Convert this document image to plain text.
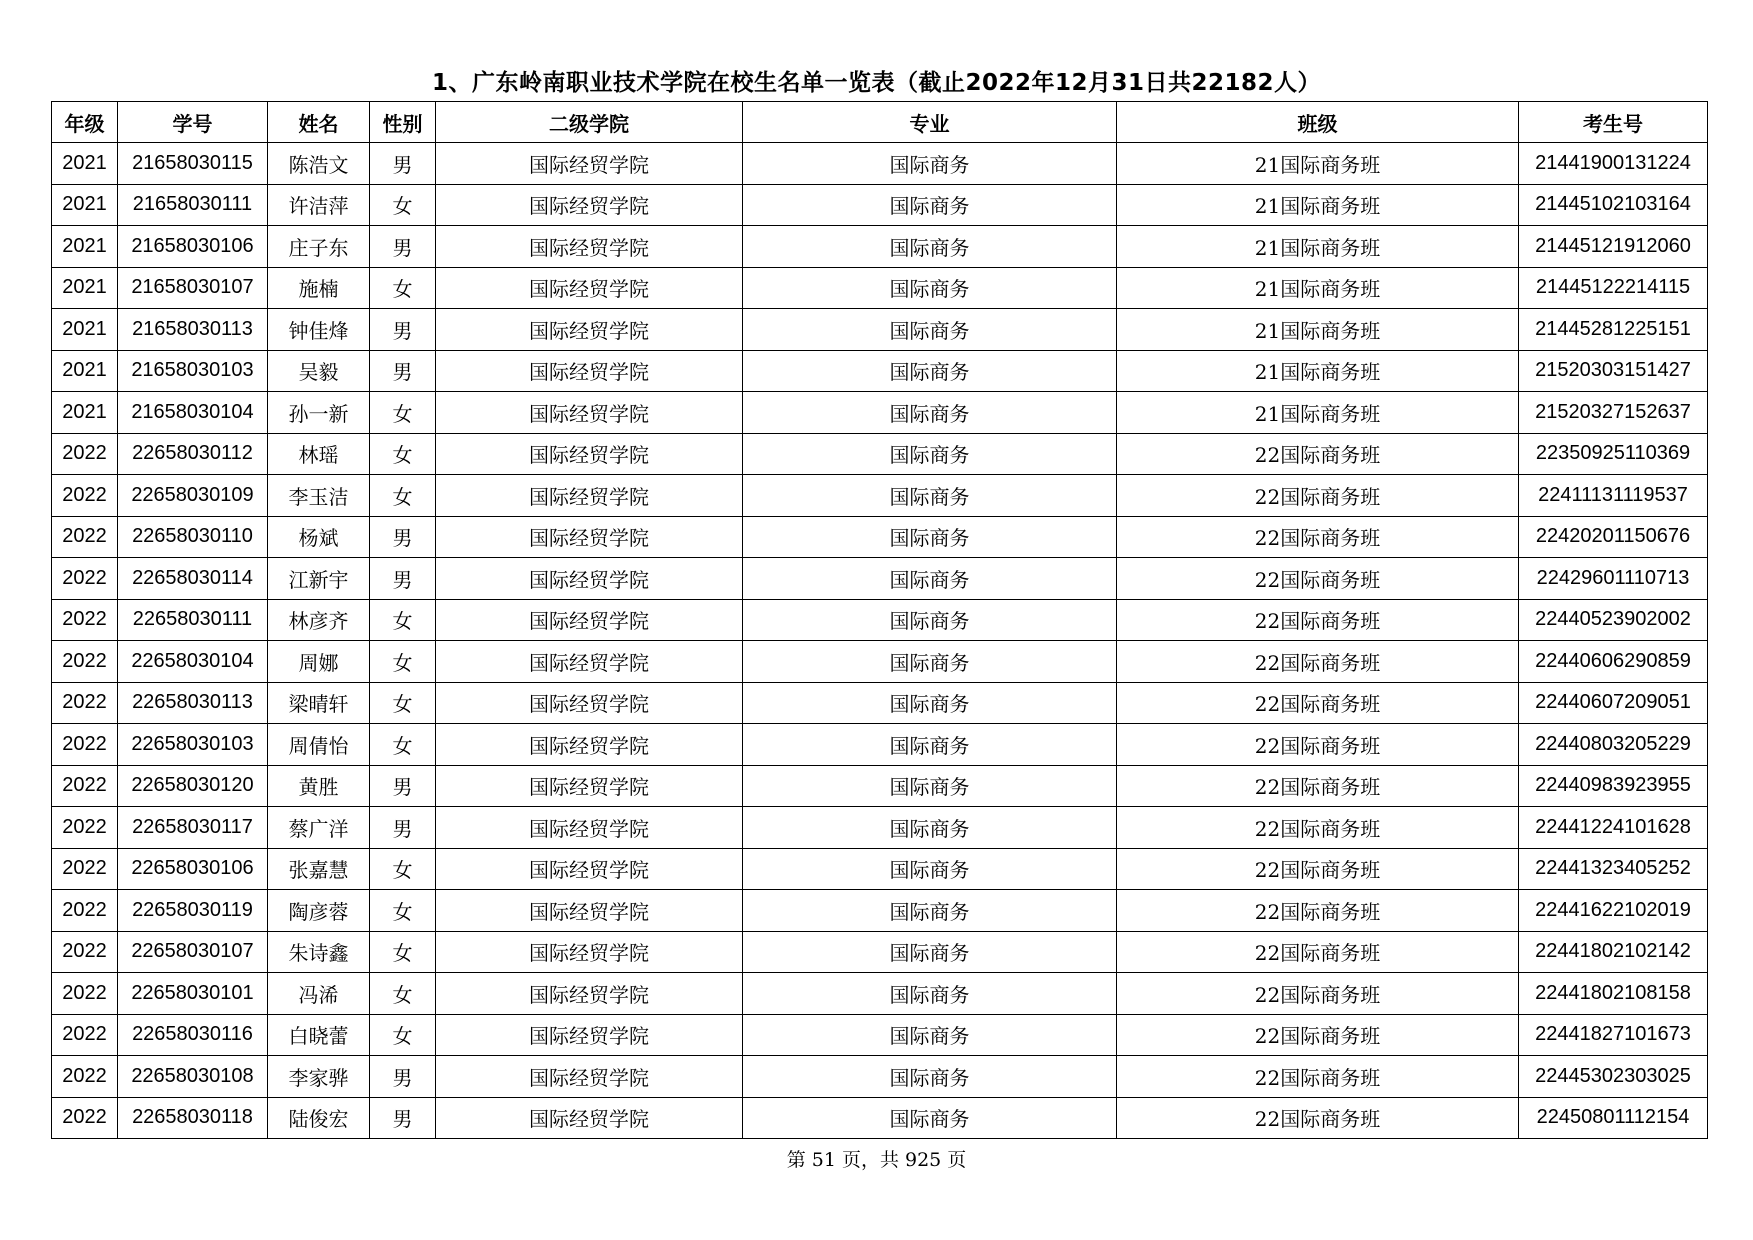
1、广东岭南职业技术学院在校生名单一览表（截止2022年12月31日共22182人）
年级	学号	姓名	性别	二级学院	专业	班级	考生号
2021	21658030115	陈浩文	男	国际经贸学院	国际商务	21国际商务班	21441900131224
2021	21658030111	许洁萍	女	国际经贸学院	国际商务	21国际商务班	21445102103164
2021	21658030106	庄子东	男	国际经贸学院	国际商务	21国际商务班	21445121912060
2021	21658030107	施楠	女	国际经贸学院	国际商务	21国际商务班	21445122214115
2021	21658030113	钟佳烽	男	国际经贸学院	国际商务	21国际商务班	21445281225151
2021	21658030103	吴毅	男	国际经贸学院	国际商务	21国际商务班	21520303151427
2021	21658030104	孙一新	女	国际经贸学院	国际商务	21国际商务班	21520327152637
2022	22658030112	林瑶	女	国际经贸学院	国际商务	22国际商务班	22350925110369
2022	22658030109	李玉洁	女	国际经贸学院	国际商务	22国际商务班	22411131119537
2022	22658030110	杨斌	男	国际经贸学院	国际商务	22国际商务班	22420201150676
2022	22658030114	江新宇	男	国际经贸学院	国际商务	22国际商务班	22429601110713
2022	22658030111	林彦齐	女	国际经贸学院	国际商务	22国际商务班	22440523902002
2022	22658030104	周娜	女	国际经贸学院	国际商务	22国际商务班	22440606290859
2022	22658030113	梁晴轩	女	国际经贸学院	国际商务	22国际商务班	22440607209051
2022	22658030103	周倩怡	女	国际经贸学院	国际商务	22国际商务班	22440803205229
2022	22658030120	黄胜	男	国际经贸学院	国际商务	22国际商务班	22440983923955
2022	22658030117	蔡广洋	男	国际经贸学院	国际商务	22国际商务班	22441224101628
2022	22658030106	张嘉慧	女	国际经贸学院	国际商务	22国际商务班	22441323405252
2022	22658030119	陶彦蓉	女	国际经贸学院	国际商务	22国际商务班	22441622102019
2022	22658030107	朱诗鑫	女	国际经贸学院	国际商务	22国际商务班	22441802102142
2022	22658030101	冯浠	女	国际经贸学院	国际商务	22国际商务班	22441802108158
2022	22658030116	白晓蕾	女	国际经贸学院	国际商务	22国际商务班	22441827101673
2022	22658030108	李家骅	男	国际经贸学院	国际商务	22国际商务班	22445302303025
2022	22658030118	陆俊宏	男	国际经贸学院	国际商务	22国际商务班	22450801112154
第 51 页，共 925 页
